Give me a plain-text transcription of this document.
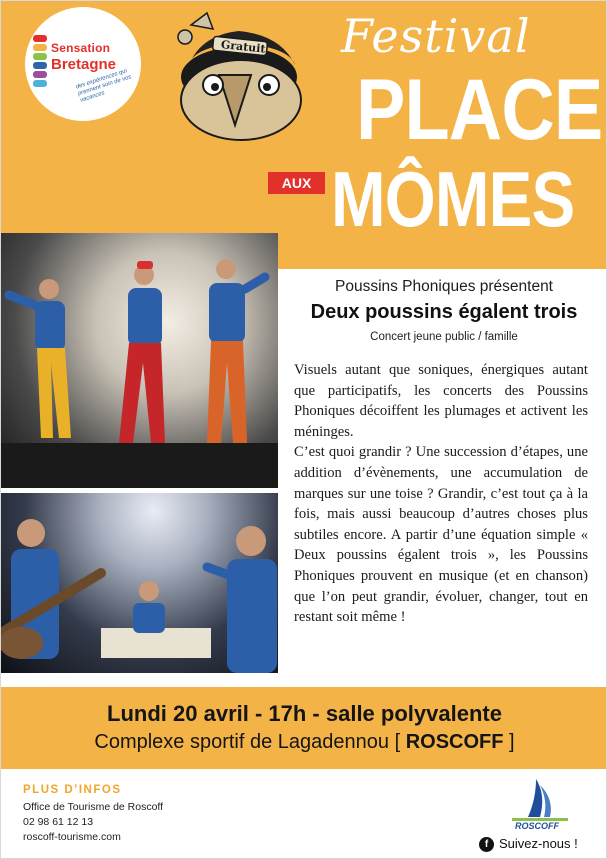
Sensation
Bretagne
des expériences qui prennent soin de vos vacances
Gratuit Festival
PLACE
AUX MÔMES
Poussins Phoniques présentent
Deux poussins égalent trois
Concert jeune public / famille

Visuels autant que soniques, énergiques autant que participatifs, les concerts des Poussins Phoniques décoiffent les plumages et activent les méninges.

C’est quoi grandir ? Une succession d’étapes, une addition d’évènements, une accumulation de marques sur une toise ? Grandir, c’est tout ça à la fois, mais aussi beaucoup d’autres choses plus subtiles encore. A partir d’une équation simple « Deux poussins égalent trois », les Poussins Phoniques prouvent en musique (et en chanson) que l’on peut grandir, évoluer, changer, tout en restant soit même !

Lundi 20 avril - 17h - salle polyvalente
Complexe sportif de Lagadennou [ ROSCOFF ]
PLUS D’INFOS
Office de Tourisme de Roscoff
02 98 61 12 13
roscoff-tourisme.com
ROSCOFF
f Suivez-nous !
